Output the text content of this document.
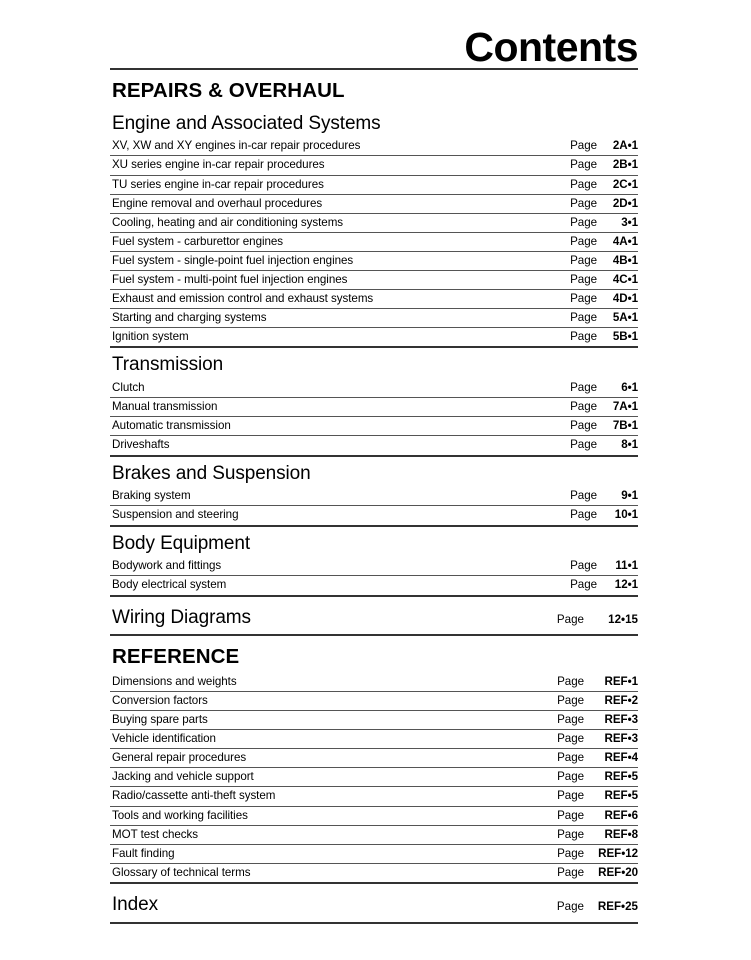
Contents
REPAIRS & OVERHAUL
Engine and Associated Systems
XV, XW and XY engines in-car repair procedures	Page	2A•1
XU series engine in-car repair procedures	Page	2B•1
TU series engine in-car repair procedures	Page	2C•1
Engine removal and overhaul procedures	Page	2D•1
Cooling, heating and air conditioning systems	Page	3•1
Fuel system - carburettor engines	Page	4A•1
Fuel system - single-point fuel injection engines	Page	4B•1
Fuel system - multi-point fuel injection engines	Page	4C•1
Exhaust and emission control and exhaust systems	Page	4D•1
Starting and charging systems	Page	5A•1
Ignition system	Page	5B•1
Transmission
Clutch	Page	6•1
Manual transmission	Page	7A•1
Automatic transmission	Page	7B•1
Driveshafts	Page	8•1
Brakes and Suspension
Braking system	Page	9•1
Suspension and steering	Page	10•1
Body Equipment
Bodywork and fittings	Page	11•1
Body electrical system	Page	12•1
Wiring Diagrams	Page	12•15
REFERENCE
Dimensions and weights	Page	REF•1
Conversion factors	Page	REF•2
Buying spare parts	Page	REF•3
Vehicle identification	Page	REF•3
General repair procedures	Page	REF•4
Jacking and vehicle support	Page	REF•5
Radio/cassette anti-theft system	Page	REF•5
Tools and working facilities	Page	REF•6
MOT test checks	Page	REF•8
Fault finding	Page	REF•12
Glossary of technical terms	Page	REF•20
Index	Page	REF•25
